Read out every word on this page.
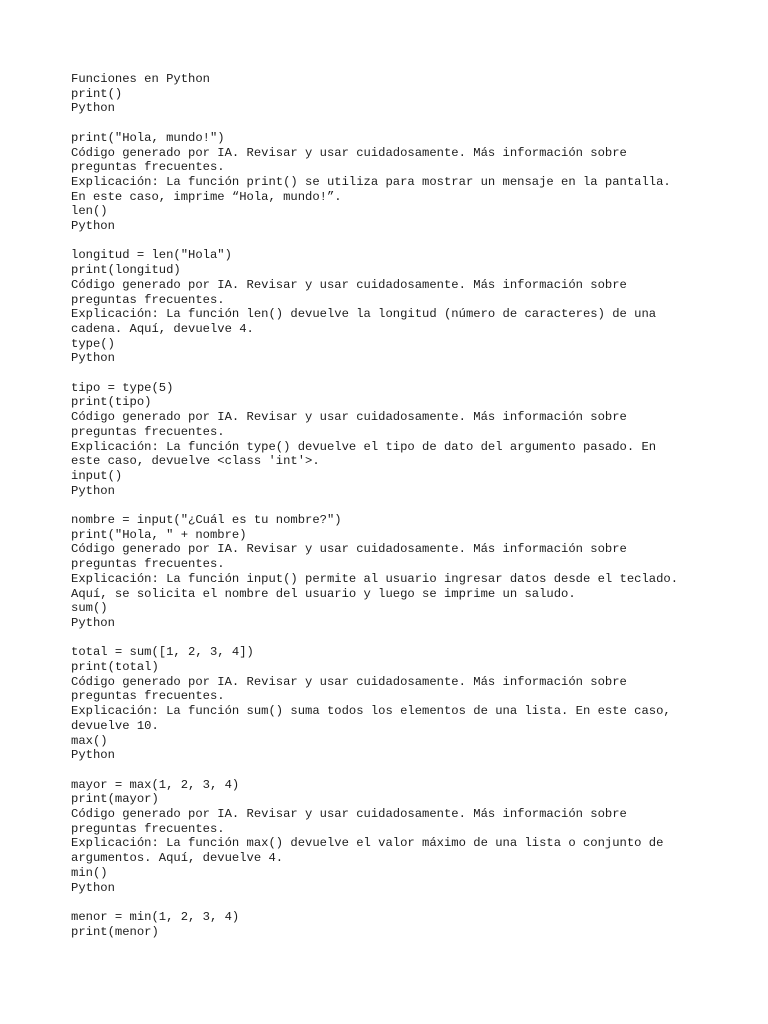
Funciones en Python
print()
Python
print("Hola, mundo!")
Código generado por IA. Revisar y usar cuidadosamente. Más información sobre
preguntas frecuentes.
Explicación: La función print() se utiliza para mostrar un mensaje en la pantalla.
En este caso, imprime “Hola, mundo!”.
len()
Python
longitud = len("Hola")
print(longitud)
Código generado por IA. Revisar y usar cuidadosamente. Más información sobre
preguntas frecuentes.
Explicación: La función len() devuelve la longitud (número de caracteres) de una
cadena. Aquí, devuelve 4.
type()
Python
tipo = type(5)
print(tipo)
Código generado por IA. Revisar y usar cuidadosamente. Más información sobre
preguntas frecuentes.
Explicación: La función type() devuelve el tipo de dato del argumento pasado. En
este caso, devuelve <class 'int'>.
input()
Python
nombre = input("¿Cuál es tu nombre?")
print("Hola, " + nombre)
Código generado por IA. Revisar y usar cuidadosamente. Más información sobre
preguntas frecuentes.
Explicación: La función input() permite al usuario ingresar datos desde el teclado.
Aquí, se solicita el nombre del usuario y luego se imprime un saludo.
sum()
Python
total = sum([1, 2, 3, 4])
print(total)
Código generado por IA. Revisar y usar cuidadosamente. Más información sobre
preguntas frecuentes.
Explicación: La función sum() suma todos los elementos de una lista. En este caso,
devuelve 10.
max()
Python
mayor = max(1, 2, 3, 4)
print(mayor)
Código generado por IA. Revisar y usar cuidadosamente. Más información sobre
preguntas frecuentes.
Explicación: La función max() devuelve el valor máximo de una lista o conjunto de
argumentos. Aquí, devuelve 4.
min()
Python
menor = min(1, 2, 3, 4)
print(menor)
